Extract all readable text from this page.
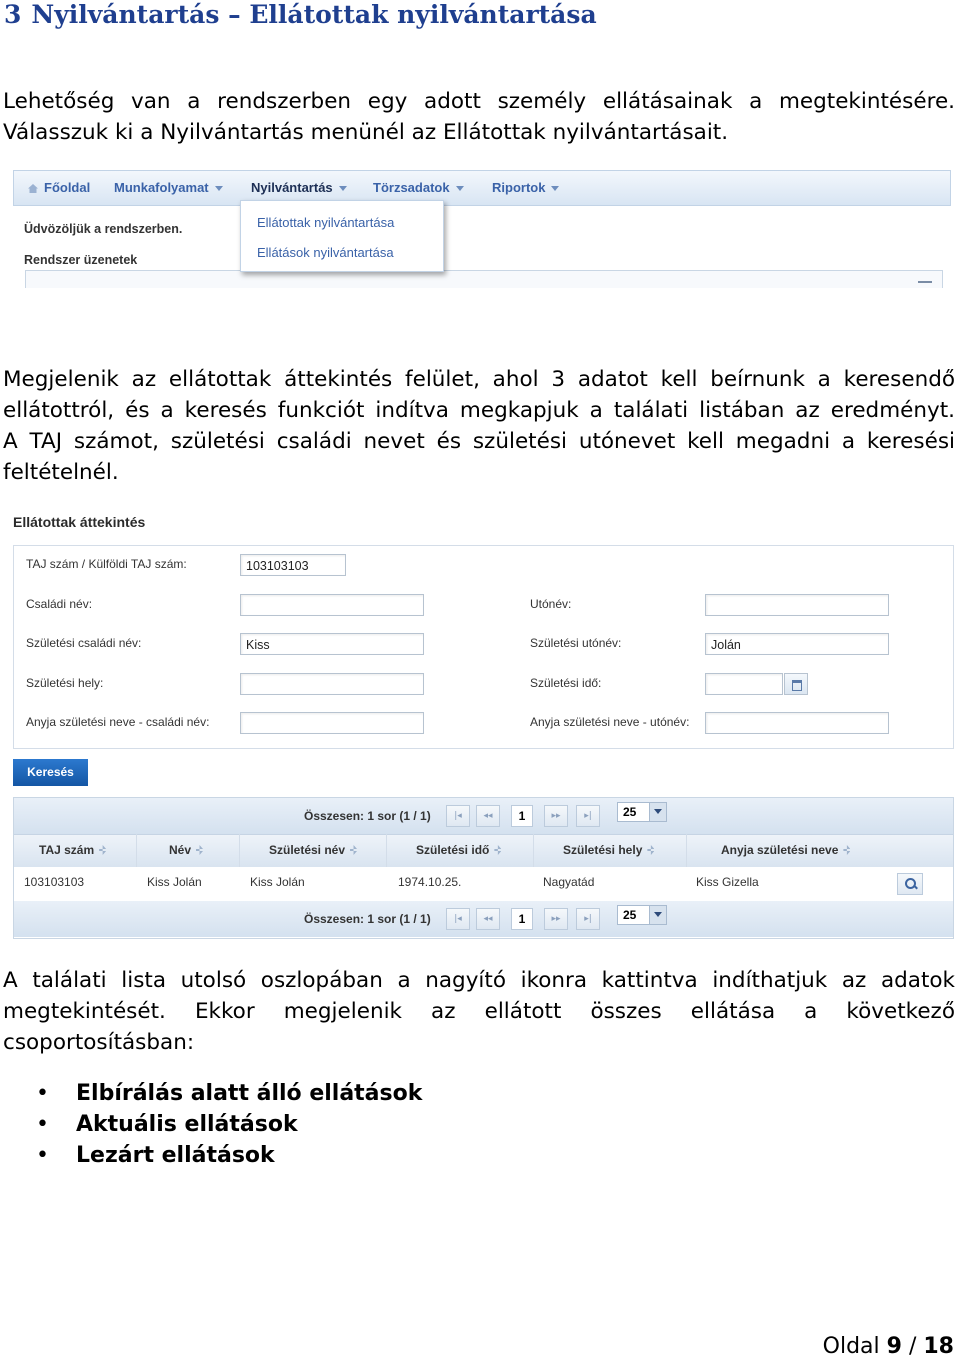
3 Nyilvántartás – Ellátottak nyilvántartása
Lehetőség van a rendszerben egy adott személy ellátásainak a megtekintésére.
Válasszuk ki a Nyilvántartás menünél az Ellátottak nyilvántartásait.
Főoldal Munkafolyamat	Nyilvántartás	Törzsadatok	Riportok
Üdvözöljük a rendszerben.
Rendszer üzenetek
Ellátottak nyilvántartása
Ellátások nyilvántartása
Megjelenik az ellátottak áttekintés felület, ahol 3 adatot kell beírnunk a keresendő
ellátottról, és a keresés funkciót indítva megkapjuk a találati listában az eredményt.
A TAJ számot, születési családi nevet és születési utónevet kell megadni a keresési
feltételnél.
Ellátottak áttekintés
TAJ szám / Külföldi TAJ szám:	103103103
Családi név:	Utónév:
Születési családi név:	Kiss	Születési utónév:	Jolán
Születési hely:	Születési idő:
Anyja születési neve - családi név:	Anyja születési neve - utónév:
Keresés
Összesen: 1 sor (1 / 1)	|◂	◂◂	1	▸▸	▸|	25
TAJ szám	Név	Születési név	Születési idő	Születési hely	Anyja születési neve
103103103	Kiss Jolán	Kiss Jolán	1974.10.25.	Nagyatád	Kiss Gizella
Összesen: 1 sor (1 / 1)	|◂	◂◂	1	▸▸	▸|	25
A találati lista utolsó oszlopában a nagyító ikonra kattintva indíthatjuk az adatok
megtekintését. Ekkor megjelenik az ellátott összes ellátása a következő
csoportosításban:
• Elbírálás alatt álló ellátások
• Aktuális ellátások
• Lezárt ellátások
Oldal 9 / 18
